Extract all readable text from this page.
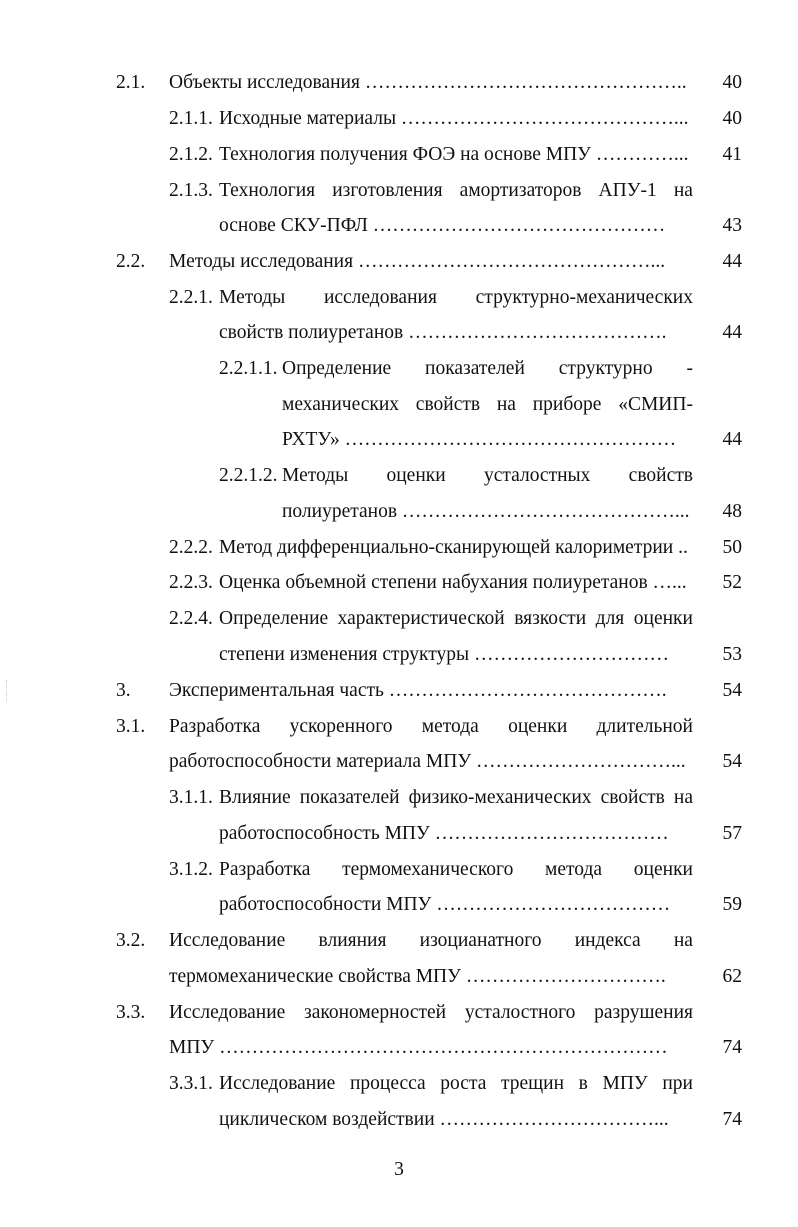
2.1. Объекты исследования …………………………………………..	40
2.1.1. Исходные материалы ……………………………………...	40
2.1.2. Технология получения ФОЭ на основе МПУ …………...	41
2.1.3. Технология изготовления амортизаторов АПУ-1 на
основе СКУ-ПФЛ ………………………………………	43
2.2. Методы исследования ………………………………………...	44
2.2.1. Методы исследования структурно-механических
свойств полиуретанов ………………………………….	44
2.2.1.1. Определение показателей структурно -
механических свойств на приборе «СМИП-
РХТУ» ……………………………………………	44
2.2.1.2. Методы оценки усталостных свойств
полиуретанов ……………………………………...	48
2.2.2. Метод дифференциально-сканирующей калориметрии ..	50
2.2.3. Оценка объемной степени набухания полиуретанов …...	52
2.2.4. Определение характеристической вязкости для оценки
степени изменения структуры …………………………	53
3. Экспериментальная часть …………………………………….	54
3.1. Разработка ускоренного метода оценки длительной
работоспособности материала МПУ …………………………...	54
3.1.1. Влияние показателей физико-механических свойств на
работоспособность МПУ ………………………………	57
3.1.2. Разработка термомеханического метода оценки
работоспособности МПУ ………………………………	59
3.2. Исследование влияния изоцианатного индекса на
термомеханические свойства МПУ ………………………….	62
3.3. Исследование закономерностей усталостного разрушения
МПУ ……………………………………………………………	74
3.3.1. Исследование процесса роста трещин в МПУ при
циклическом воздействии ……………………………...	74
3
